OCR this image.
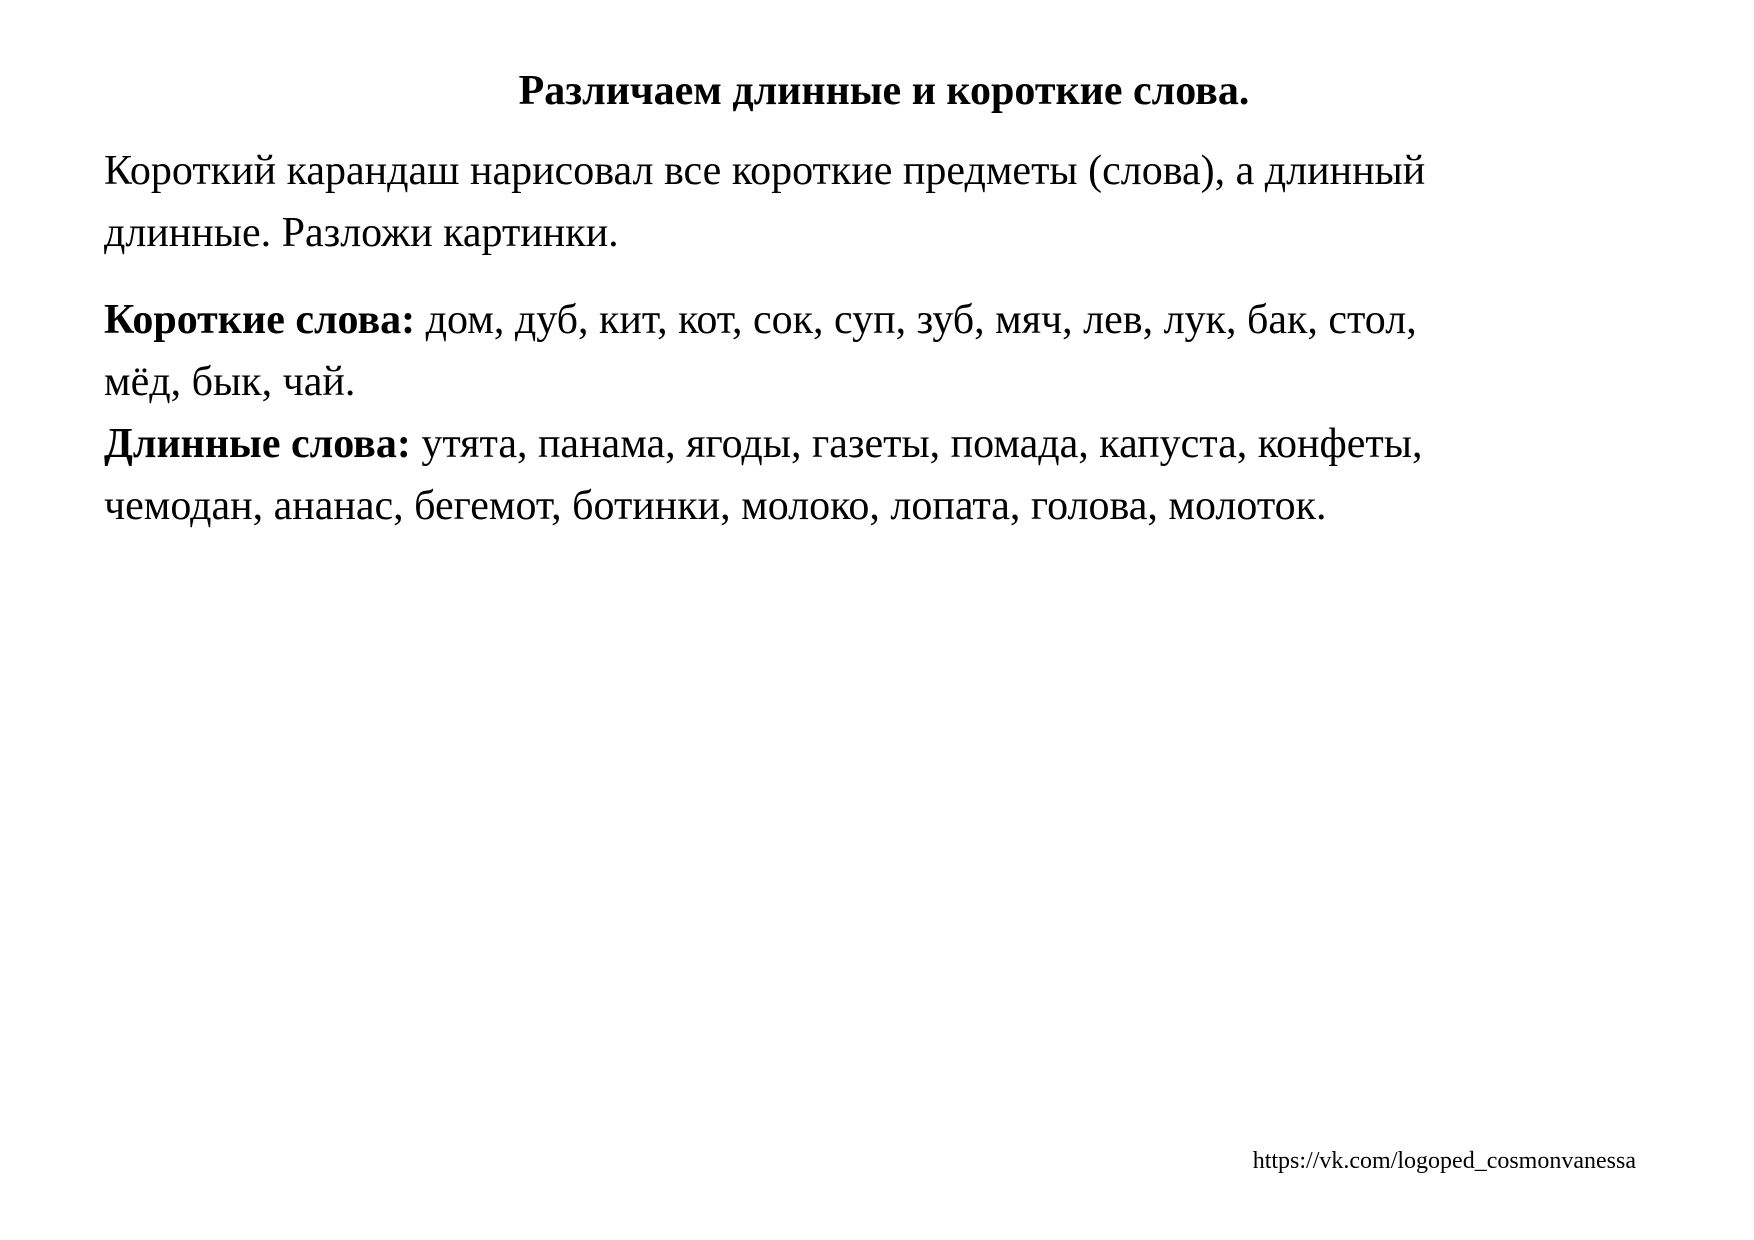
Различаем длинные и короткие слова.

Короткий карандаш нарисовал все короткие предметы (слова), а длинный
длинные. Разложи картинки.

Короткие слова: дом, дуб, кит, кот, сок, суп, зуб, мяч, лев, лук, бак, стол,
мёд, бык, чай.

Длинные слова: утята, панама, ягоды, газеты, помада, капуста, конфеты,
чемодан, ананас, бегемот, ботинки, молоко, лопата, голова, молоток.

https://vk.com/logoped_cosmonvanessa
